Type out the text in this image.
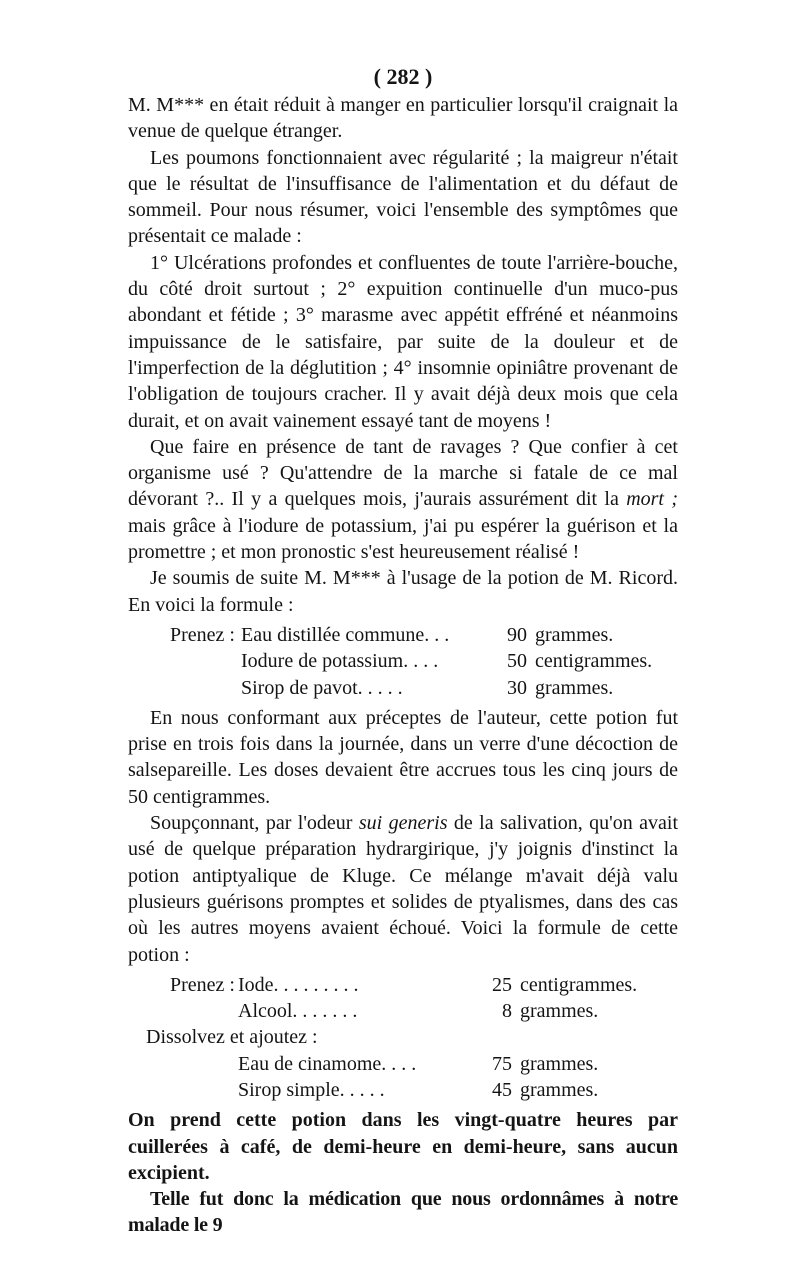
( 282 )

M. M*** en était réduit à manger en particulier lorsqu'il craignait la venue de quelque étranger.

Les poumons fonctionnaient avec régularité ; la maigreur n'était que le résultat de l'insuffisance de l'alimentation et du défaut de sommeil. Pour nous résumer, voici l'ensemble des symptômes que présentait ce malade :

1° Ulcérations profondes et confluentes de toute l'arrière-bouche, du côté droit surtout ; 2° expuition continuelle d'un muco-pus abondant et fétide ; 3° marasme avec appétit effréné et néanmoins impuissance de le satisfaire, par suite de la douleur et de l'imperfection de la déglutition ; 4° insomnie opiniâtre provenant de l'obligation de toujours cracher. Il y avait déjà deux mois que cela durait, et on avait vainement essayé tant de moyens !

Que faire en présence de tant de ravages ? Que confier à cet organisme usé ? Qu'attendre de la marche si fatale de ce mal dévorant ?.. Il y a quelques mois, j'aurais assurément dit la mort ; mais grâce à l'iodure de potassium, j'ai pu espérer la guérison et la promettre ; et mon pronostic s'est heureusement réalisé !

Je soumis de suite M. M*** à l'usage de la potion de M. Ricord. En voici la formule :

Prenez : Eau distillée commune. . .	90 grammes.
Iodure de potassium. . . .	50 centigrammes.
Sirop de pavot. . . . .	30 grammes.

En nous conformant aux préceptes de l'auteur, cette potion fut prise en trois fois dans la journée, dans un verre d'une décoction de salsepareille. Les doses devaient être accrues tous les cinq jours de 50 centigrammes.

Soupçonnant, par l'odeur sui generis de la salivation, qu'on avait usé de quelque préparation hydrargirique, j'y joignis d'instinct la potion antiptyalique de Kluge. Ce mélange m'avait déjà valu plusieurs guérisons promptes et solides de ptyalismes, dans des cas où les autres moyens avaient échoué. Voici la formule de cette potion :

Prenez : Iode. . . . . . . . .	25 centigrammes.
Alcool. . . . . . .	8 grammes.
Dissolvez et ajoutez :
Eau de cinamome. . . .	75 grammes.
Sirop simple. . . . .	45 grammes.

On prend cette potion dans les vingt-quatre heures par cuillerées à café, de demi-heure en demi-heure, sans aucun excipient.

Telle fut donc la médication que nous ordonnâmes à notre malade le 9
